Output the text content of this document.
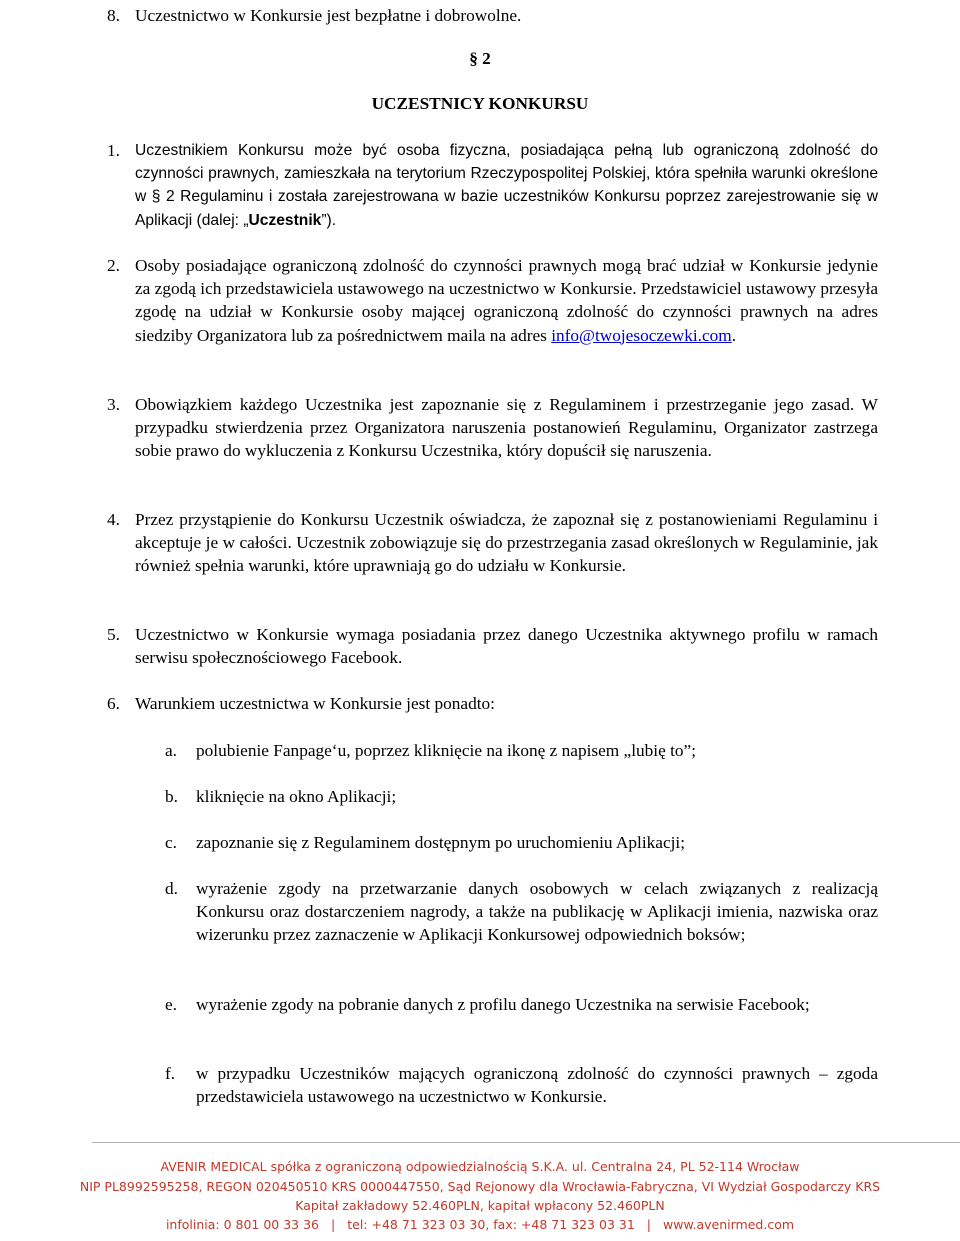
8. Uczestnictwo w Konkursie jest bezpłatne i dobrowolne.

§ 2
UCZESTNICY KONKURSU
1. Uczestnikiem Konkursu może być osoba fizyczna, posiadająca pełną lub ograniczoną zdolność do czynności prawnych, zamieszkała na terytorium Rzeczypospolitej Polskiej, która spełniła warunki określone w § 2 Regulaminu i została zarejestrowana w bazie uczestników Konkursu poprzez zarejestrowanie się w Aplikacji (dalej: „Uczestnik”).

2. Osoby posiadające ograniczoną zdolność do czynności prawnych mogą brać udział w Konkursie jedynie za zgodą ich przedstawiciela ustawowego na uczestnictwo w Konkursie. Przedstawiciel ustawowy przesyła zgodę na udział w Konkursie osoby mającej ograniczoną zdolność do czynności prawnych na adres siedziby Organizatora lub za pośrednictwem maila na adres info@twojesoczewki.com.

3. Obowiązkiem każdego Uczestnika jest zapoznanie się z Regulaminem i przestrzeganie jego zasad. W przypadku stwierdzenia przez Organizatora naruszenia postanowień Regulaminu, Organizator zastrzega sobie prawo do wykluczenia z Konkursu Uczestnika, który dopuścił się naruszenia.

4. Przez przystąpienie do Konkursu Uczestnik oświadcza, że zapoznał się z postanowieniami Regulaminu i akceptuje je w całości. Uczestnik zobowiązuje się do przestrzegania zasad określonych w Regulaminie, jak również spełnia warunki, które uprawniają go do udziału w Konkursie.

5. Uczestnictwo w Konkursie wymaga posiadania przez danego Uczestnika aktywnego profilu w ramach serwisu społecznościowego Facebook.

6. Warunkiem uczestnictwa w Konkursie jest ponadto:

a. polubienie Fanpage‘u, poprzez kliknięcie na ikonę z napisem „lubię to”;

b. kliknięcie na okno Aplikacji;

c. zapoznanie się z Regulaminem dostępnym po uruchomieniu Aplikacji;

d. wyrażenie zgody na przetwarzanie danych osobowych w celach związanych z realizacją Konkursu oraz dostarczeniem nagrody, a także na publikację w Aplikacji imienia, nazwiska oraz wizerunku przez zaznaczenie w Aplikacji Konkursowej odpowiednich boksów;

e. wyrażenie zgody na pobranie danych z profilu danego Uczestnika na serwisie Facebook;

f. w przypadku Uczestników mających ograniczoną zdolność do czynności prawnych – zgoda przedstawiciela ustawowego na uczestnictwo w Konkursie.

AVENIR MEDICAL spółka z ograniczoną odpowiedzialnością S.K.A. ul. Centralna 24, PL 52-114 Wrocław
NIP PL8992595258, REGON 020450510 KRS 0000447550, Sąd Rejonowy dla Wrocławia-Fabryczna, VI Wydział Gospodarczy KRS
Kapitał zakładowy 52.460PLN, kapitał wpłacony 52.460PLN
infolinia: 0 801 00 33 36 | tel: +48 71 323 03 30, fax: +48 71 323 03 31 | www.avenirmed.com
